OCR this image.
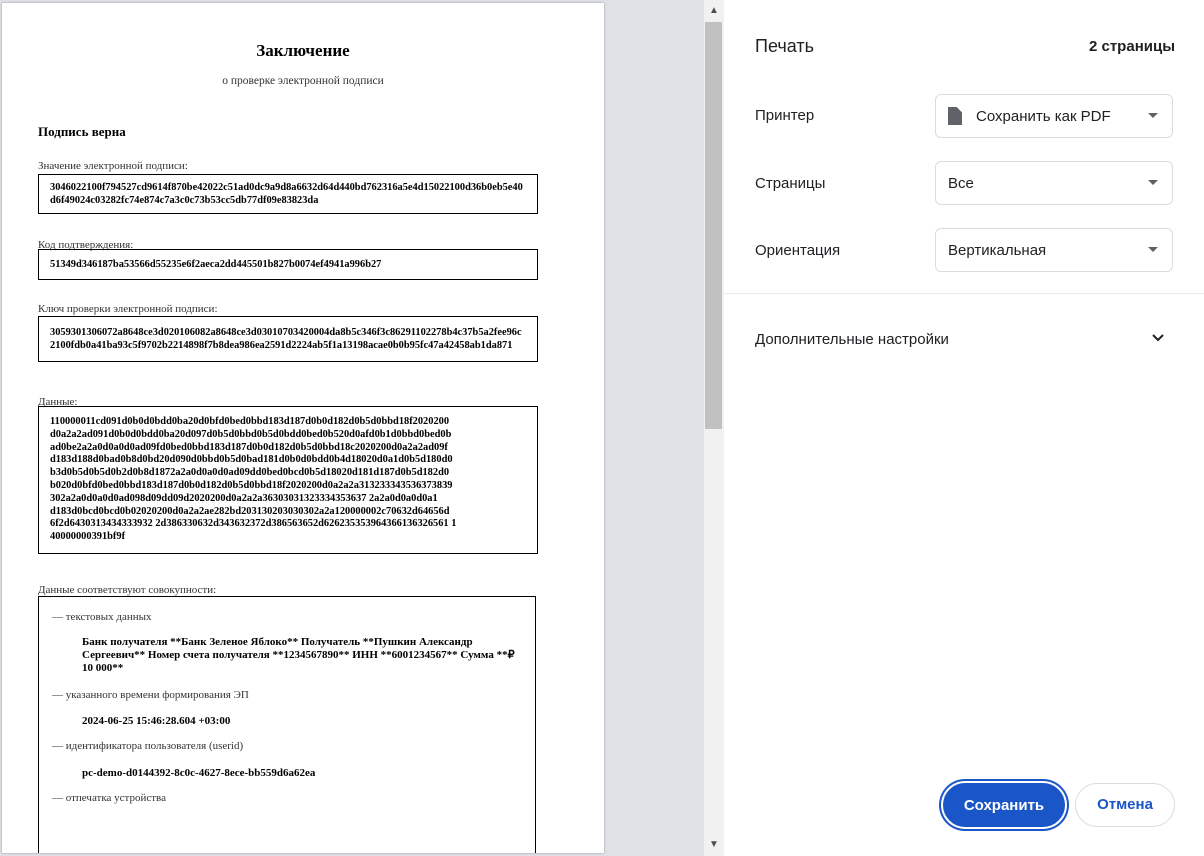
Заключение
о проверке электронной подписи
Подпись верна
Значение электронной подписи:
3046022100f794527cd9614f870be42022c51ad0dc9a9d8a6632d64d440bd762316a5e4d15022100d36b0eb5e40d6f49024c03282fc74e874c7a3c0c73b53cc5db77df09e83823da
Код подтверждения:
51349d346187ba53566d55235e6f2aeca2dd445501b827b0074ef4941a996b27
Ключ проверки электронной подписи:
3059301306072a8648ce3d020106082a8648ce3d03010703420004da8b5c346f3c86291102278b4c37b5a2fee96c2100fdb0a41ba93c5f9702b2214898f7b8dea986ea2591d2224ab5f1a13198acae0b0b95fc47a42458ab1da871
Данные:
110000011cd091d0b0d0bdd0ba20d0bfd0bed0bbd183d187d0b0d182d0b5d0bbd18f2020200
d0a2a2ad091d0b0d0bdd0ba20d097d0b5d0bbd0b5d0bdd0bed0b520d0afd0b1d0bbd0bed0b
ad0be2a2a0d0a0d0ad09fd0bed0bbd183d187d0b0d182d0b5d0bbd18c2020200d0a2a2ad09f
d183d188d0bad0b8d0bd20d090d0bbd0b5d0bad181d0b0d0bdd0b4d18020d0a1d0b5d180d0
b3d0b5d0b5d0b2d0b8d1872a2a0d0a0d0ad09dd0bed0bcd0b5d18020d181d187d0b5d182d0
b020d0bfd0bed0bbd183d187d0b0d182d0b5d0bbd18f2020200d0a2a2a313233343536373839
302a2a0d0a0d0ad098d09dd09d2020200d0a2a2a36303031323334353637 2a2a0d0a0d0a1
d183d0bcd0bcd0b02020200d0a2a2ae282bd203130203030302a2a120000002c70632d64656d
6f2d6430313434333932 2d386330632d343632372d386563652d626235353964366136326561 1
40000000391bf9f
Данные соответствуют совокупности:
— текстовых данных
Банк получателя **Банк Зеленое Яблоко** Получатель **Пушкин Александр Сергеевич** Номер счета получателя **1234567890** ИНН **6001234567** Сумма **₽ 10 000**
— указанного времени формирования ЭП
2024-06-25 15:46:28.604 +03:00
— идентификатора пользователя (userid)
pc-demo-d0144392-8c0c-4627-8ece-bb559d6a62ea
— отпечатка устройства
▲
▼
Печать	2 страницы
Принтер	Сохранить как PDF
Страницы	Все
Ориентация	Вертикальная
Дополнительные настройки
Сохранить	Отмена
